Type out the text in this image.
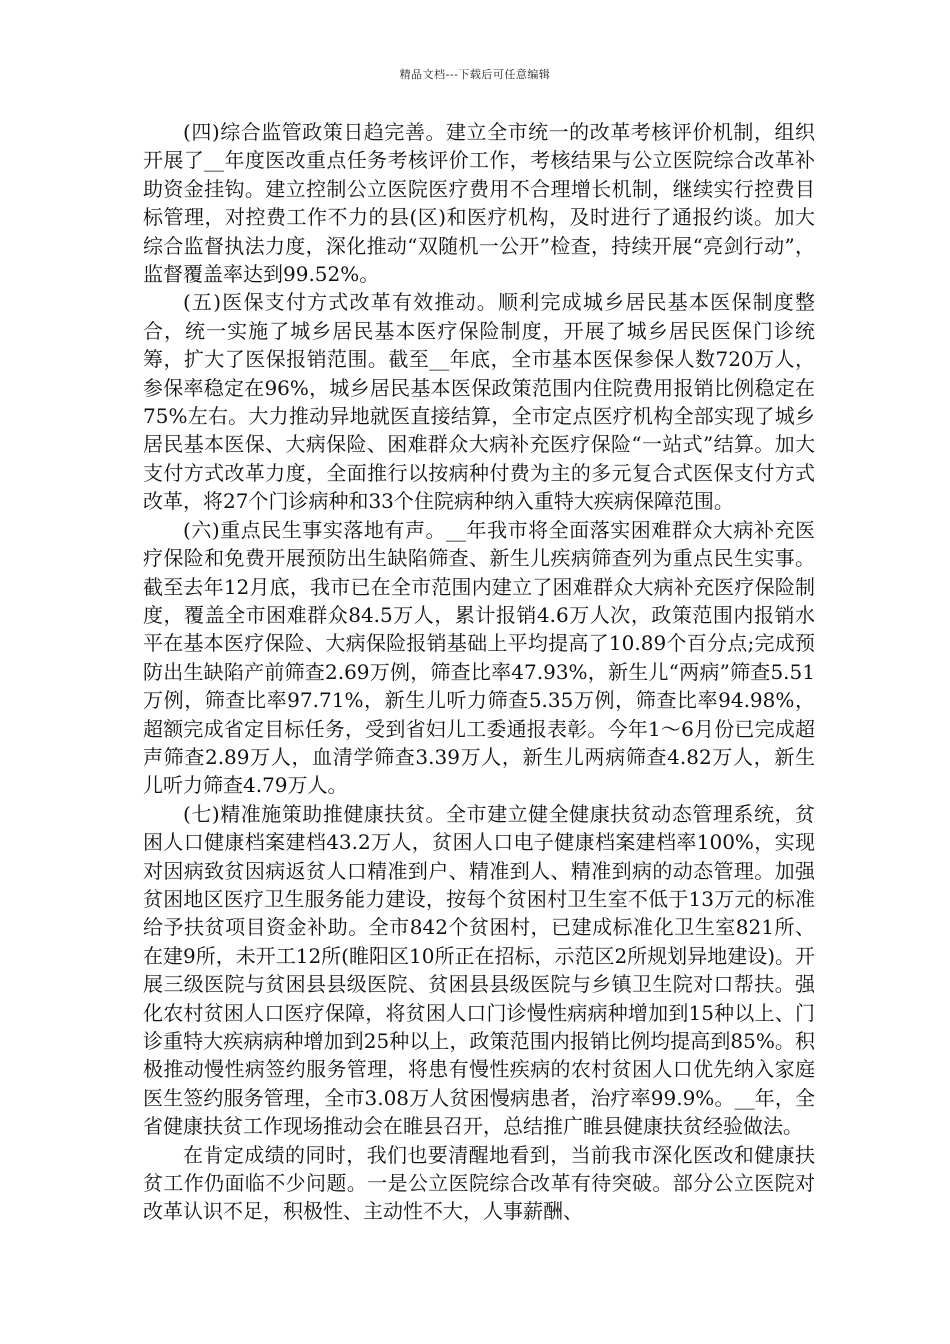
精品文档---下载后可任意编辑

(四)综合监管政策日趋完善。建立全市统一的改革考核评价机制，组织开展了__年度医改重点任务考核评价工作，考核结果与公立医院综合改革补助资金挂钩。建立控制公立医院医疗费用不合理增长机制，继续实行控费目标管理，对控费工作不力的县(区)和医疗机构，及时进行了通报约谈。加大综合监督执法力度，深化推动“双随机一公开”检查，持续开展“亮剑行动”，监督覆盖率达到99.52%。

(五)医保支付方式改革有效推动。顺利完成城乡居民基本医保制度整合，统一实施了城乡居民基本医疗保险制度，开展了城乡居民医保门诊统筹，扩大了医保报销范围。截至__年底，全市基本医保参保人数720万人，参保率稳定在96%，城乡居民基本医保政策范围内住院费用报销比例稳定在75%左右。大力推动异地就医直接结算，全市定点医疗机构全部实现了城乡居民基本医保、大病保险、困难群众大病补充医疗保险“一站式”结算。加大支付方式改革力度，全面推行以按病种付费为主的多元复合式医保支付方式改革，将27个门诊病种和33个住院病种纳入重特大疾病保障范围。

(六)重点民生事实落地有声。__年我市将全面落实困难群众大病补充医疗保险和免费开展预防出生缺陷筛查、新生儿疾病筛查列为重点民生实事。截至去年12月底，我市已在全市范围内建立了困难群众大病补充医疗保险制度，覆盖全市困难群众84.5万人，累计报销4.6万人次，政策范围内报销水平在基本医疗保险、大病保险报销基础上平均提高了10.89个百分点;完成预防出生缺陷产前筛查2.69万例，筛查比率47.93%，新生儿“两病”筛查5.51万例，筛查比率97.71%，新生儿听力筛查5.35万例，筛查比率94.98%，超额完成省定目标任务，受到省妇儿工委通报表彰。今年1～6月份已完成超声筛查2.89万人，血清学筛查3.39万人，新生儿两病筛查4.82万人，新生儿听力筛查4.79万人。

(七)精准施策助推健康扶贫。全市建立健全健康扶贫动态管理系统，贫困人口健康档案建档43.2万人，贫困人口电子健康档案建档率100%，实现对因病致贫因病返贫人口精准到户、精准到人、精准到病的动态管理。加强贫困地区医疗卫生服务能力建设，按每个贫困村卫生室不低于13万元的标准给予扶贫项目资金补助。全市842个贫困村，已建成标准化卫生室821所、在建9所，未开工12所(睢阳区10所正在招标，示范区2所规划异地建设)。开展三级医院与贫困县县级医院、贫困县县级医院与乡镇卫生院对口帮扶。强化农村贫困人口医疗保障，将贫困人口门诊慢性病病种增加到15种以上、门诊重特大疾病病种增加到25种以上，政策范围内报销比例均提高到85%。积极推动慢性病签约服务管理，将患有慢性疾病的农村贫困人口优先纳入家庭医生签约服务管理，全市3.08万人贫困慢病患者，治疗率99.9%。__年，全省健康扶贫工作现场推动会在睢县召开，总结推广睢县健康扶贫经验做法。

在肯定成绩的同时，我们也要清醒地看到，当前我市深化医改和健康扶贫工作仍面临不少问题。一是公立医院综合改革有待突破。部分公立医院对改革认识不足，积极性、主动性不大，人事薪酬、
